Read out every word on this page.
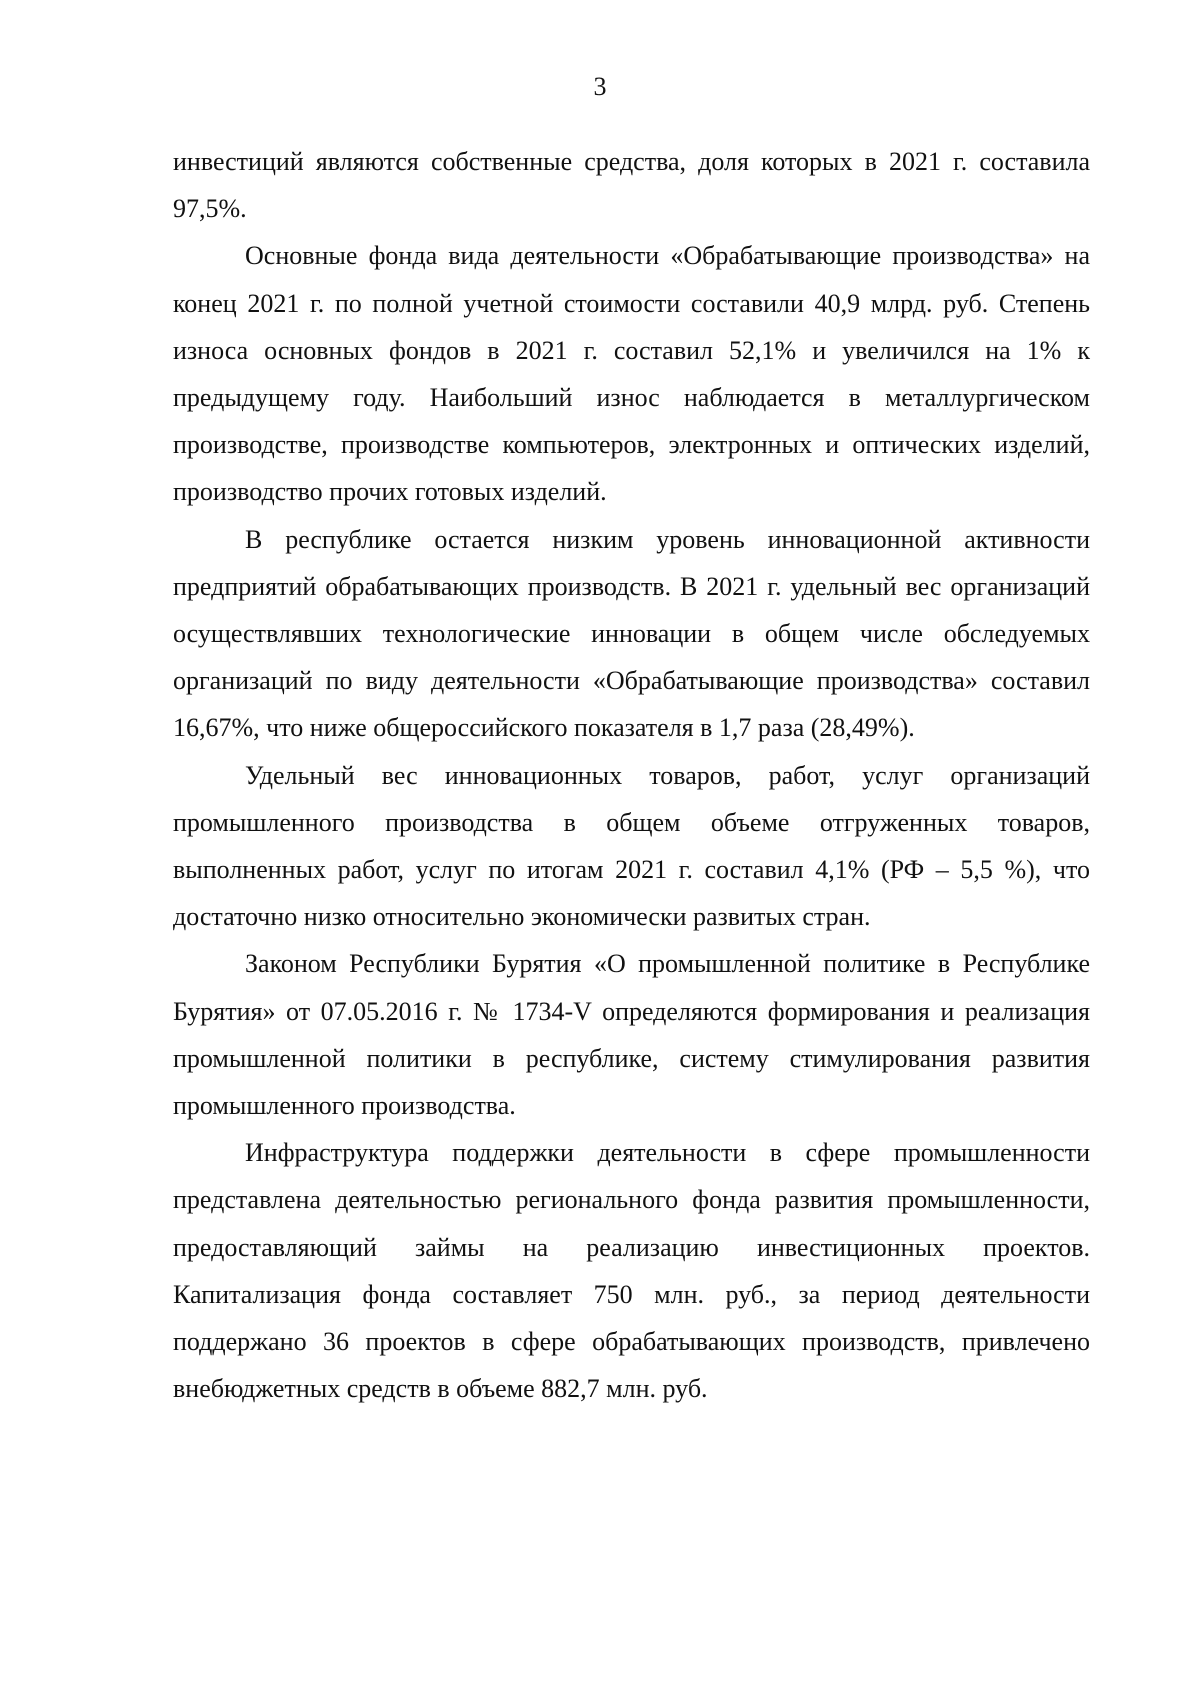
3

инвестиций являются собственные средства, доля которых в 2021 г. составила 97,5%.

Основные фонда вида деятельности «Обрабатывающие производства» на конец 2021 г. по полной учетной стоимости составили 40,9 млрд. руб. Степень износа основных фондов в 2021 г. составил 52,1% и увеличился на 1% к предыдущему году. Наибольший износ наблюдается в металлургическом производстве, производстве компьютеров, электронных и оптических изделий, производство прочих готовых изделий.

В республике остается низким уровень инновационной активности предприятий обрабатывающих производств. В 2021 г. удельный вес организаций осуществлявших технологические инновации в общем числе обследуемых организаций по виду деятельности «Обрабатывающие производства» составил 16,67%, что ниже общероссийского показателя в 1,7 раза (28,49%).

Удельный вес инновационных товаров, работ, услуг организаций промышленного производства в общем объеме отгруженных товаров, выполненных работ, услуг по итогам 2021 г. составил 4,1% (РФ – 5,5 %), что достаточно низко относительно экономически развитых стран.

Законом Республики Бурятия «О промышленной политике в Республике Бурятия» от 07.05.2016 г. № 1734-V определяются формирования и реализация промышленной политики в республике, систему стимулирования развития промышленного производства.

Инфраструктура поддержки деятельности в сфере промышленности представлена деятельностью регионального фонда развития промышленности, предоставляющий займы на реализацию инвестиционных проектов. Капитализация фонда составляет 750 млн. руб., за период деятельности поддержано 36 проектов в сфере обрабатывающих производств, привлечено внебюджетных средств в объеме 882,7 млн. руб.
